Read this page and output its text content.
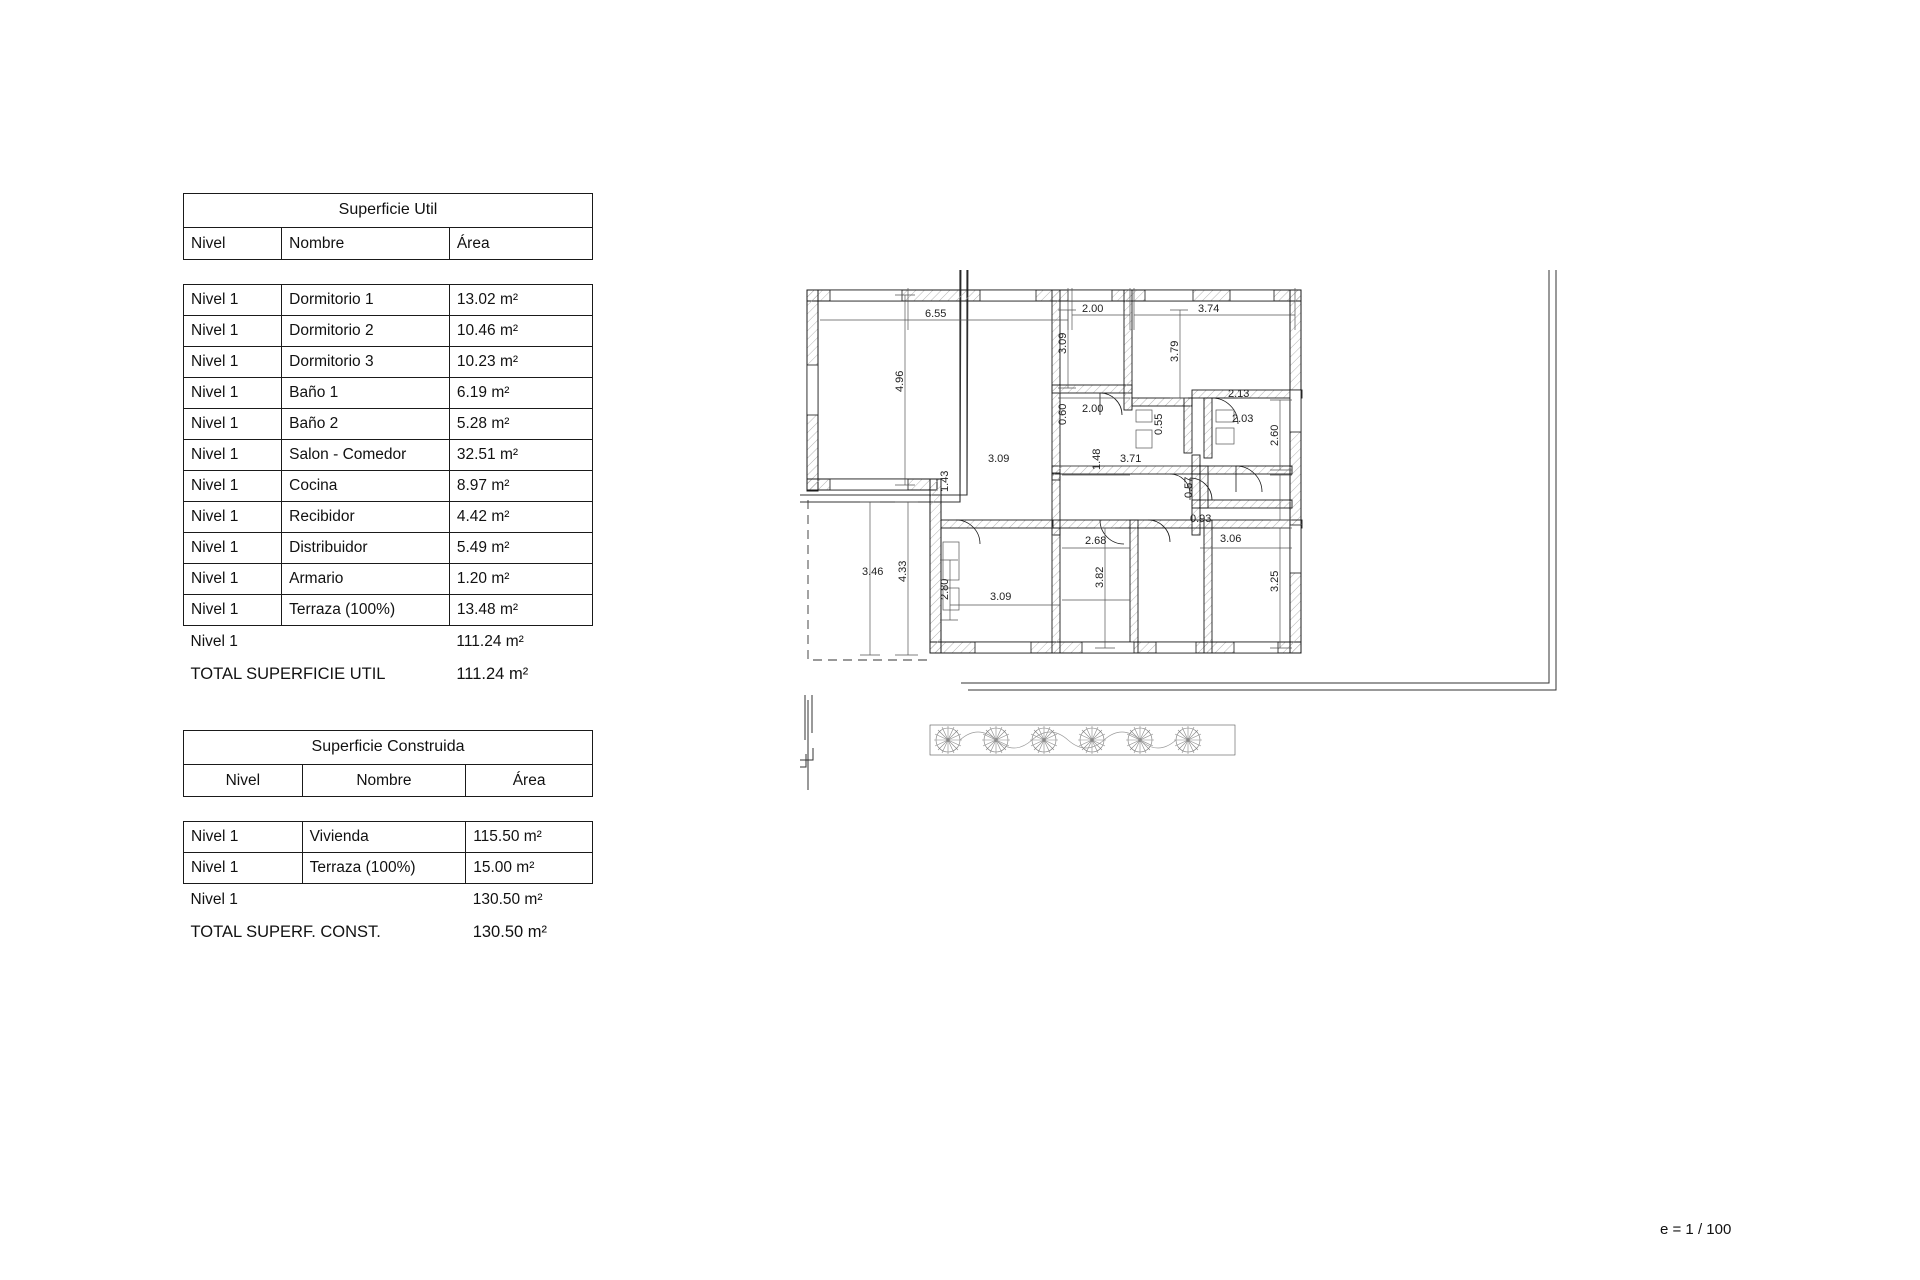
Superficie Util		
Nivel	Nombre	Área

Nivel 1	Dormitorio 1	13.02 m²
Nivel 1	Dormitorio 2	10.46 m²
Nivel 1	Dormitorio 3	10.23 m²
Nivel 1	Baño 1	6.19 m²
Nivel 1	Baño 2	5.28 m²
Nivel 1	Salon - Comedor	32.51 m²
Nivel 1	Cocina	8.97 m²
Nivel 1	Recibidor	4.42 m²
Nivel 1	Distribuidor	5.49 m²
Nivel 1	Armario	1.20 m²
Nivel 1	Terraza (100%)	13.48 m²
Nivel 1		111.24 m²
TOTAL SUPERFICIE UTIL		111.24 m²
Superficie Construida		
Nivel	Nombre	Área

Nivel 1	Vivienda	115.50 m²
Nivel 1	Terraza (100%)	15.00 m²
Nivel 1		130.50 m²
TOTAL SUPERF. CONST.		130.50 m²
e = 1 / 100
6.55	2.00	3.74
4.96
3.09	3.79
2.13
2.03
2.00
0.60	0.55
2.60
3.09	1.48 3.71
1.43	0.57
2.68
0.93
3.06
3.46 4.33	3.82	3.25
2.80	3.09
